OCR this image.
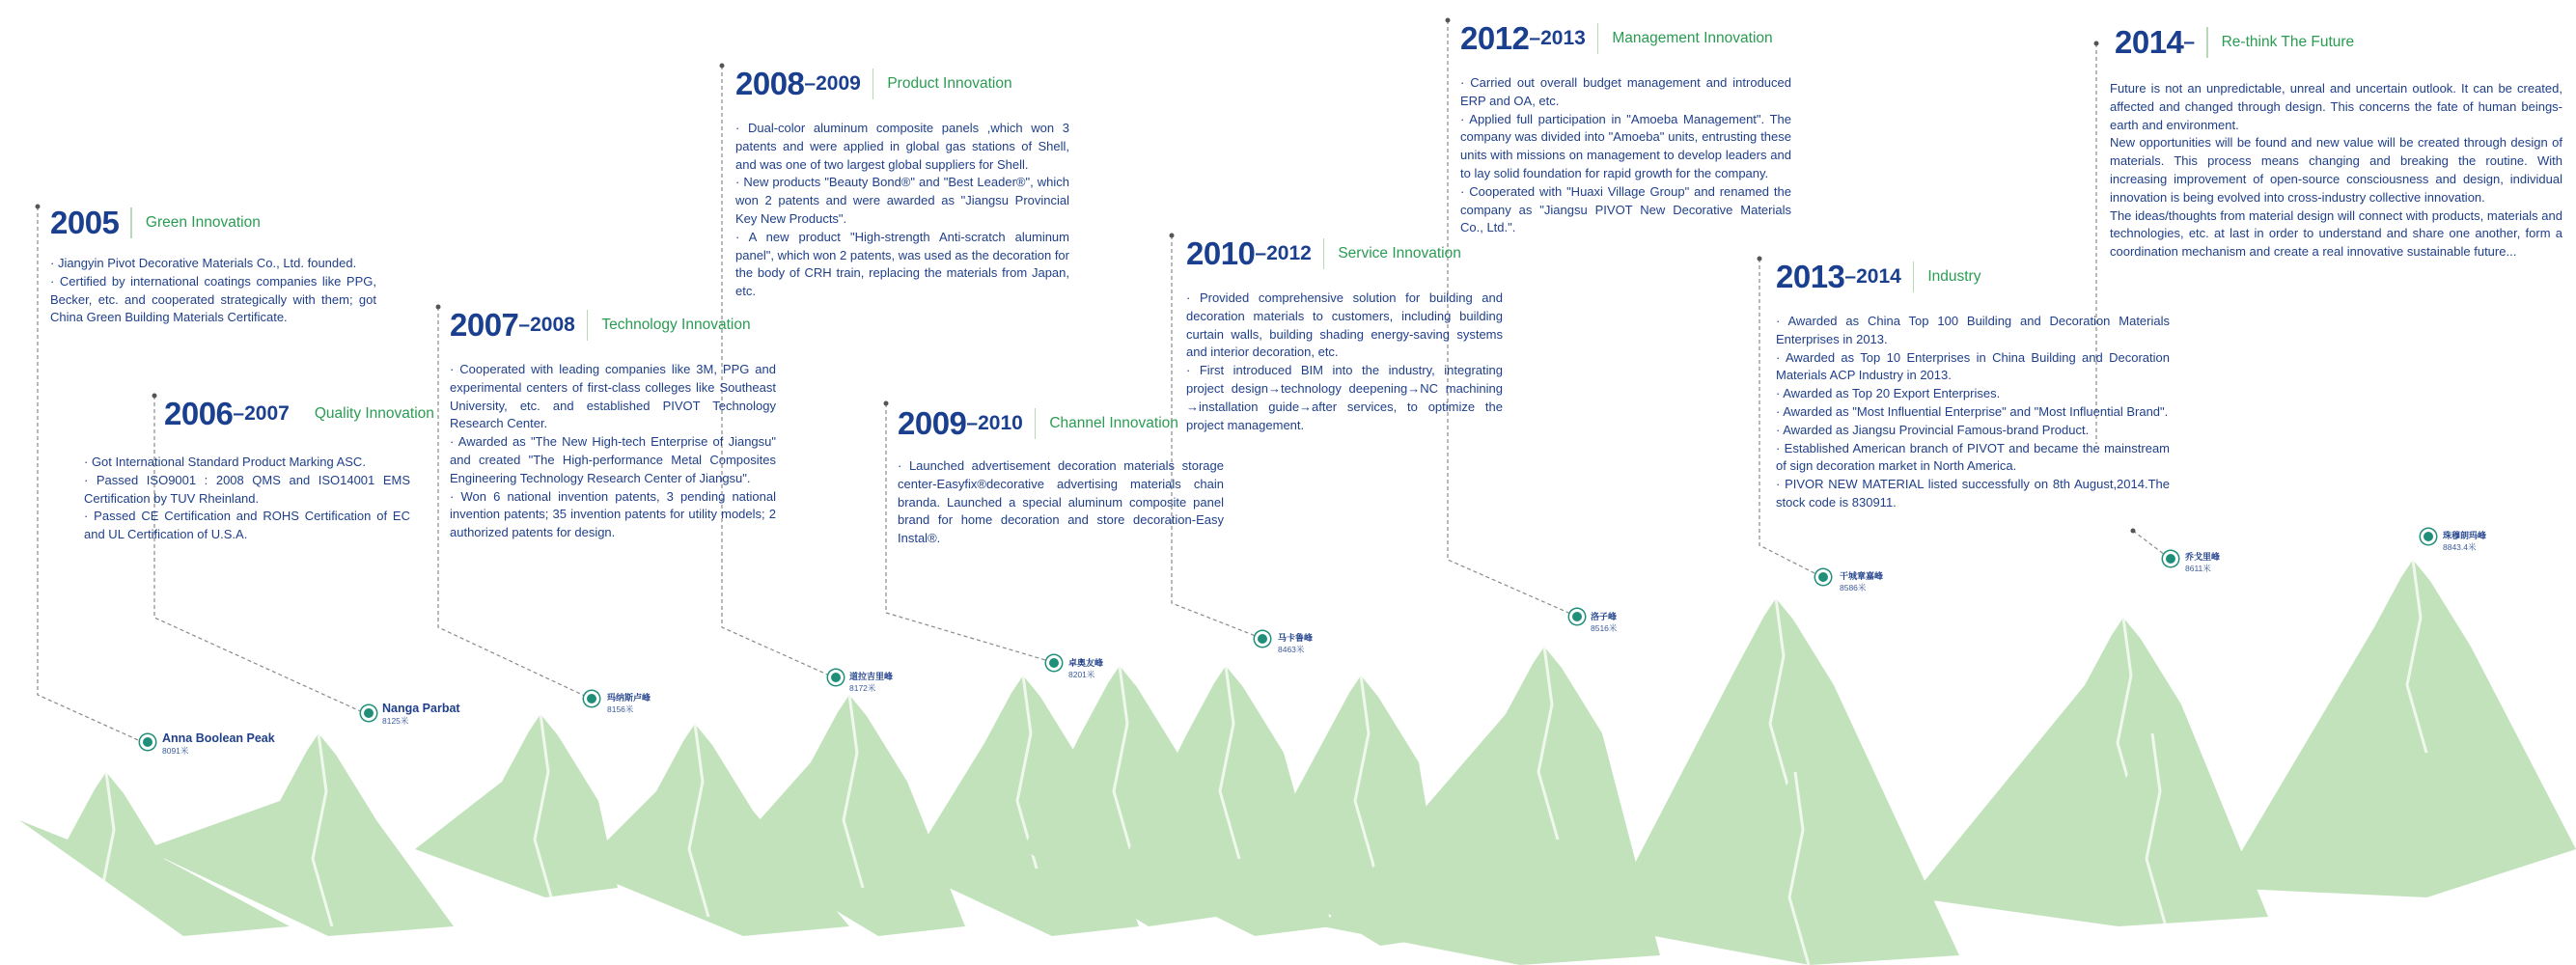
2005 Green Innovation

· Jiangyin Pivot Decorative Materials Co., Ltd. founded.

· Certified by international coatings companies like PPG, Becker, etc. and cooperated strategically with them; got China Green Building Materials Certificate.

2006 –2007 Quality Innovation

· Got International Standard Product Marking ASC.

· Passed ISO9001 : 2008 QMS and ISO14001 EMS Certification by TUV Rheinland.

· Passed CE Certification and ROHS Certification of EC and UL Certification of U.S.A.

2007 –2008 Technology Innovation

· Cooperated with leading companies like 3M, PPG and experimental centers of first-class colleges like Southeast University, etc. and established PIVOT Technology Research Center.

· Awarded as "The New High-tech Enterprise of Jiangsu" and created "The High-performance Metal Composites Engineering Technology Research Center of Jiangsu".

· Won 6 national invention patents, 3 pending national invention patents; 35 invention patents for utility models; 2 authorized patents for design.

2008 –2009 Product Innovation

· Dual-color aluminum composite panels ,which won 3 patents and were applied in global gas stations of Shell, and was one of two largest global suppliers for Shell.

· New products "Beauty Bond®" and "Best Leader®", which won 2 patents and were awarded as "Jiangsu Provincial Key New Products".

· A new product "High-strength Anti-scratch aluminum panel", which won 2 patents, was used as the decoration for the body of CRH train, replacing the materials from Japan, etc.

2009 –2010 Channel Innovation

· Launched advertisement decoration materials storage center-Easyfix®decorative advertising materials chain branda. Launched a special aluminum composite panel brand for home decoration and store decoration-Easy Instal®.

2010 –2012 Service Innovation

· Provided comprehensive solution for building and decoration materials to customers, including building curtain walls, building shading energy-saving systems and interior decoration, etc.

· First introduced BIM into the industry, integrating project design→technology deepening→NC machining →installation guide→after services, to optimize the project management.

2012 –2013 Management Innovation

· Carried out overall budget management and introduced ERP and OA, etc.

· Applied full participation in "Amoeba Management". The company was divided into "Amoeba" units, entrusting these units with missions on management to develop leaders and to lay solid foundation for rapid growth for the company.

· Cooperated with "Huaxi Village Group" and renamed the company as "Jiangsu PIVOT New Decorative Materials Co., Ltd.".

2013 –2014 Industry

· Awarded as China Top 100 Building and Decoration Materials Enterprises in 2013.

· Awarded as Top 10 Enterprises in China Building and Decoration Materials ACP Industry in 2013.

· Awarded as Top 20 Export Enterprises.

· Awarded as "Most Influential Enterprise" and "Most Influential Brand".

· Awarded as Jiangsu Provincial Famous-brand Product.

· Established American branch of PIVOT and became the mainstream of sign decoration market in North America.

· PIVOR NEW MATERIAL listed successfully on 8th August,2014.The stock code is 830911.

2014 – Re-think The Future

Future is not an unpredictable, unreal and uncertain outlook. It can be created, affected and changed through design. This concerns the fate of human beings-earth and environment.

New opportunities will be found and new value will be created through design of materials. This process means changing and breaking the routine. With increasing improvement of open-source consciousness and design, individual innovation is being evolved into cross-industry collective innovation.

The ideas/thoughts from material design will connect with products, materials and technologies, etc. at last in order to understand and share one another, form a coordination mechanism and create a real innovative sustainable future...

Anna Boolean Peak
8091米
Nanga Parbat
8125米
玛纳斯卢峰
8156米
道拉吉里峰
8172米
卓奥友峰
8201米
马卡鲁峰
8463米
洛子峰
8516米
干城章嘉峰
8586米
乔戈里峰
8611米
珠穆朗玛峰
8843.4米
